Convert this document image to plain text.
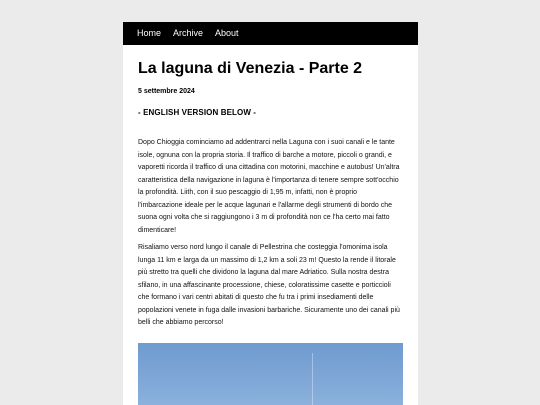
Home Archive About
La laguna di Venezia - Parte 2
5 settembre 2024
- ENGLISH VERSION BELOW -

Dopo Chioggia cominciamo ad addentrarci nella Laguna con i suoi canali e le tante isole, ognuna con la propria storia. Il traffico di barche a motore, piccoli o grandi, e vaporetti ricorda il traffico di una cittadina con motorini, macchine e autobus! Un'altra caratteristica della navigazione in laguna è l'importanza di tenere sempre sott'occhio la profondità. Liith, con il suo pescaggio di 1,95 m, infatti, non è proprio l'imbarcazione ideale per le acque lagunari e l'allarme degli strumenti di bordo che suona ogni volta che si raggiungono i 3 m di profondità non ce l'ha certo mai fatto dimenticare!

Risaliamo verso nord lungo il canale di Pellestrina che costeggia l'omonima isola lunga 11 km e larga da un massimo di 1,2 km a soli 23 m! Questo la rende il litorale più stretto tra quelli che dividono la laguna dal mare Adriatico. Sulla nostra destra sfilano, in una affascinante processione, chiese, coloratissime casette e porticcioli che formano i vari centri abitati di questo che fu tra i primi insediamenti delle popolazioni venete in fuga dalle invasioni barbariche. Sicuramente uno dei canali più belli che abbiamo percorso!
